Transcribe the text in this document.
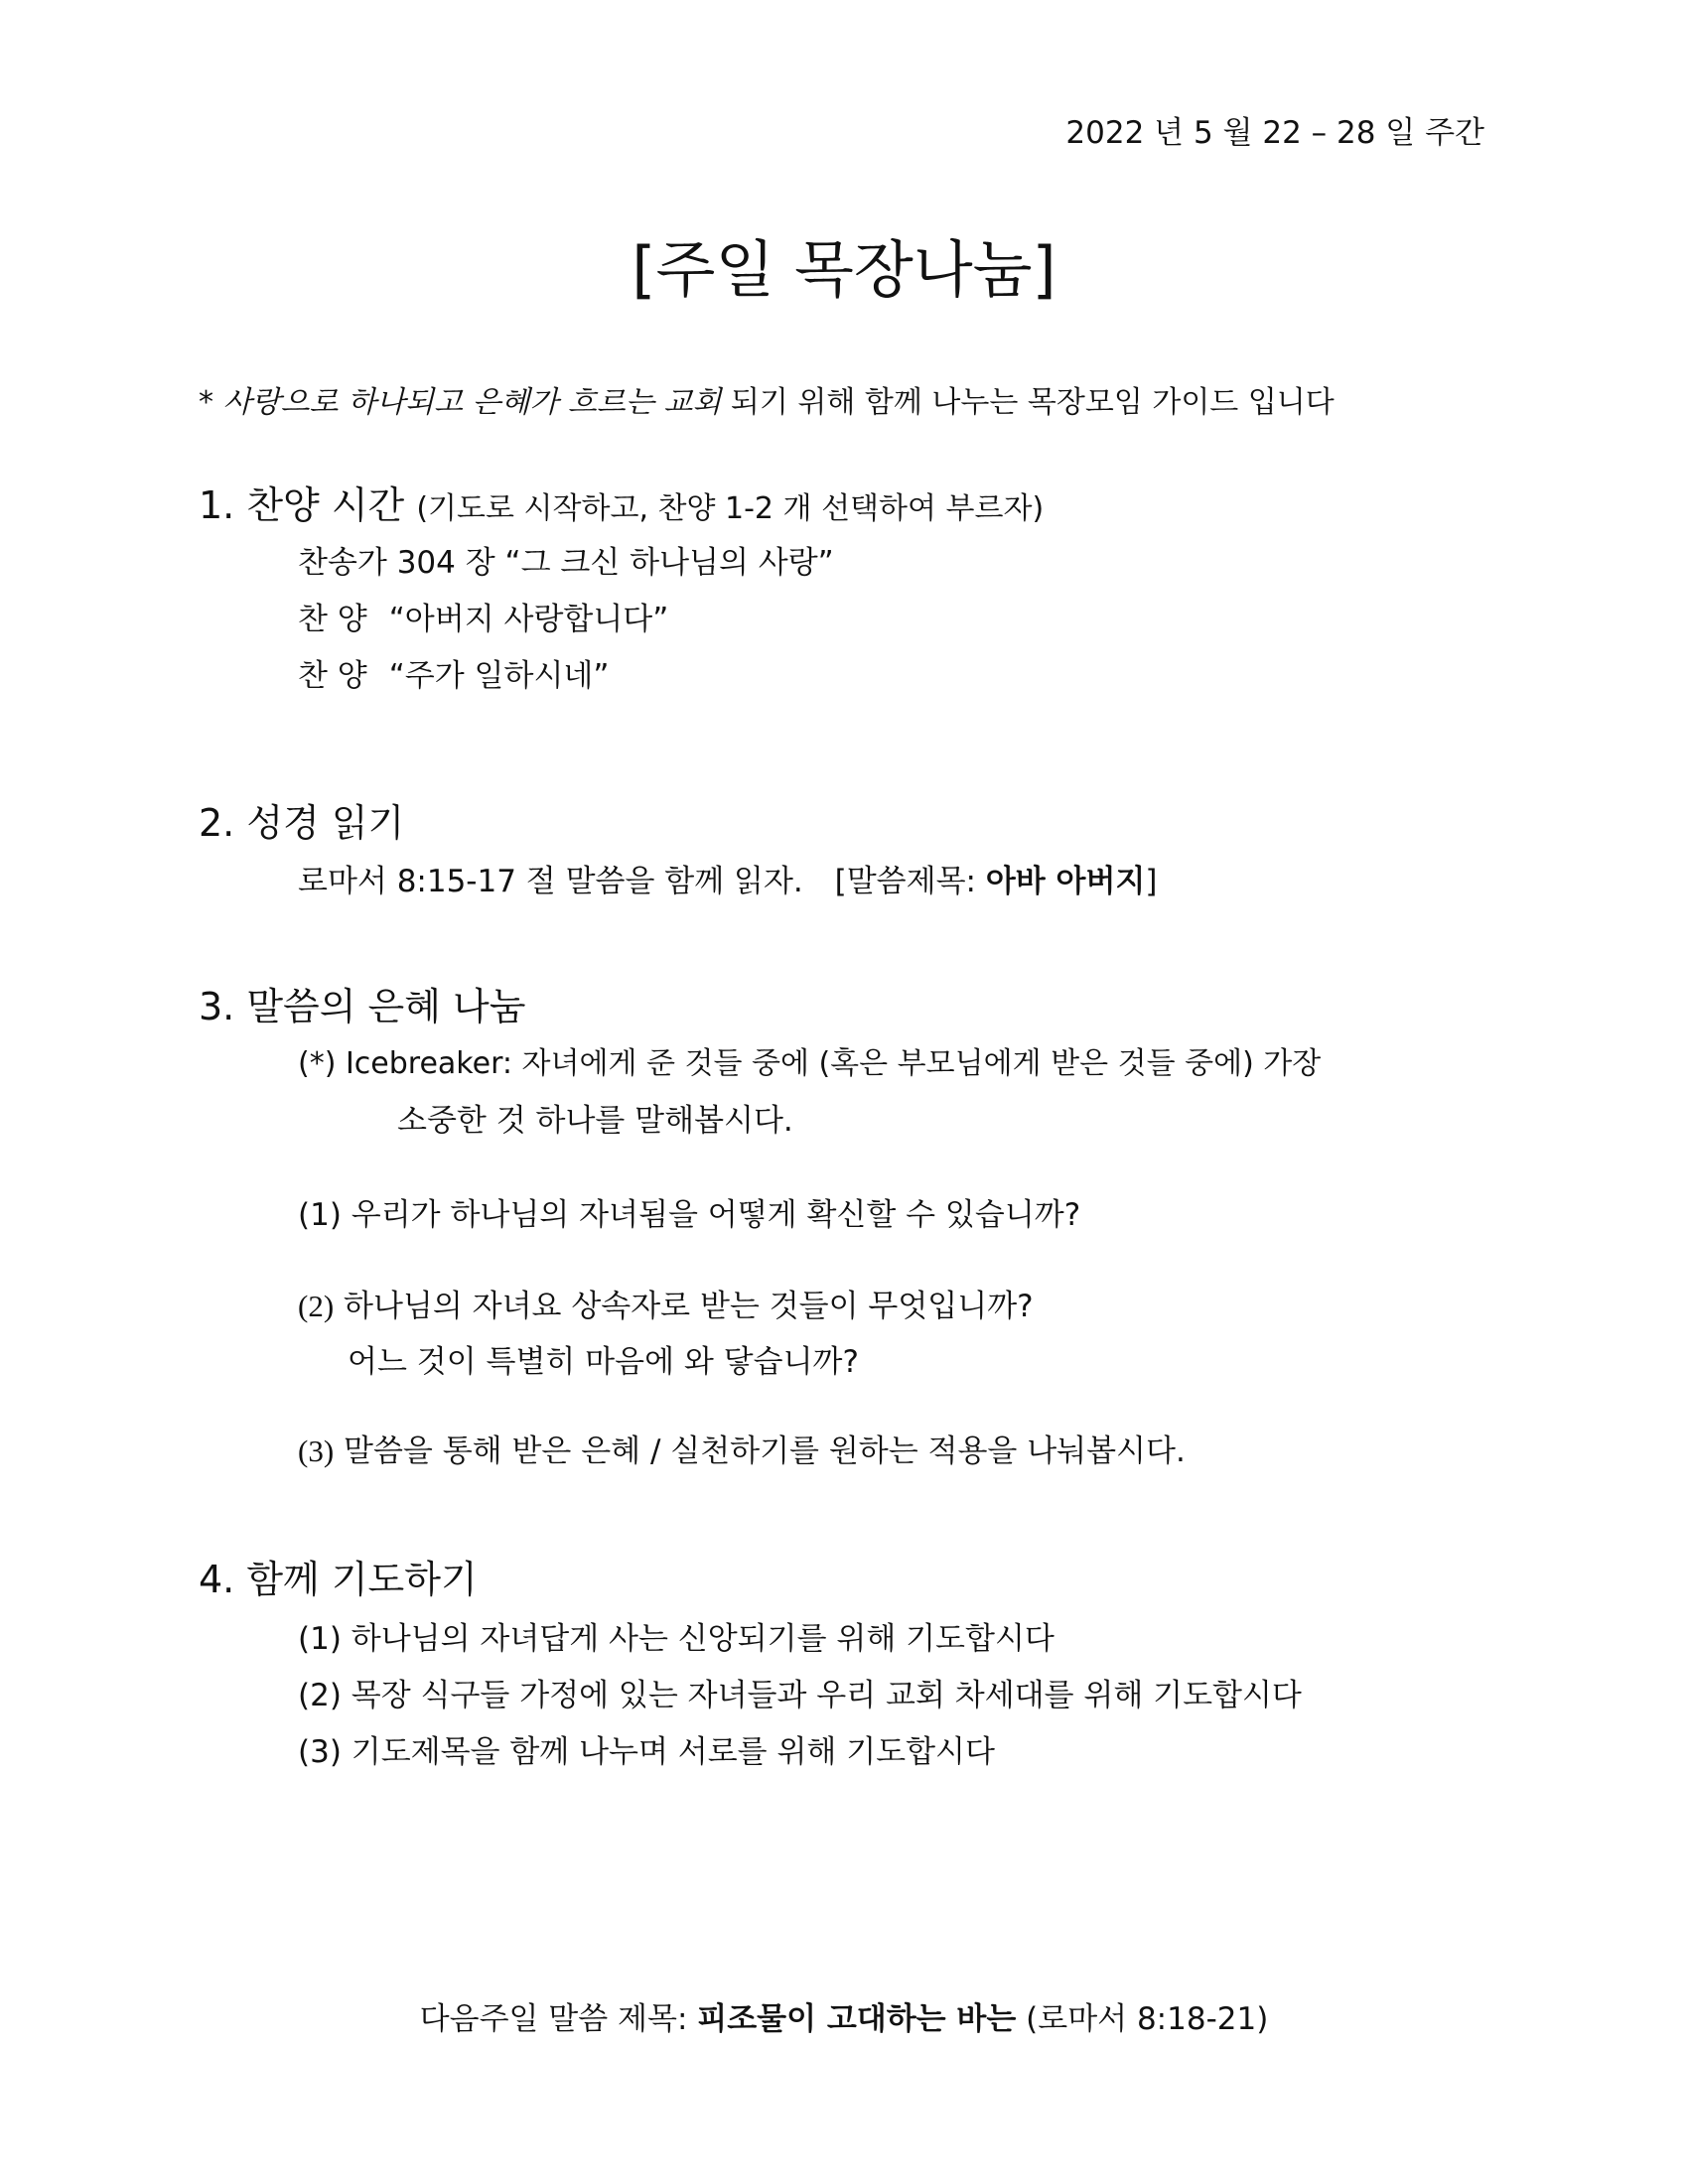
2022 년 5 월 22 – 28 일 주간
[주일 목장나눔]
* 사랑으로 하나되고 은혜가 흐르는 교회 되기 위해 함께 나누는 목장모임 가이드 입니다
1. 찬양 시간 (기도로 시작하고, 찬양 1-2 개 선택하여 부르자)
찬송가 304 장 “그 크신 하나님의 사랑”
찬 양 “아버지 사랑합니다”
찬 양 “주가 일하시네”
2. 성경 읽기
로마서 8:15-17 절 말씀을 함께 읽자. [말씀제목: 아바 아버지]
3. 말씀의 은혜 나눔
(*) Icebreaker: 자녀에게 준 것들 중에 (혹은 부모님에게 받은 것들 중에) 가장
소중한 것 하나를 말해봅시다.
(1) 우리가 하나님의 자녀됨을 어떻게 확신할 수 있습니까?
(2) 하나님의 자녀요 상속자로 받는 것들이 무엇입니까?
어느 것이 특별히 마음에 와 닿습니까?
(3) 말씀을 통해 받은 은혜 / 실천하기를 원하는 적용을 나눠봅시다.
4. 함께 기도하기
(1) 하나님의 자녀답게 사는 신앙되기를 위해 기도합시다
(2) 목장 식구들 가정에 있는 자녀들과 우리 교회 차세대를 위해 기도합시다
(3) 기도제목을 함께 나누며 서로를 위해 기도합시다
다음주일 말씀 제목: 피조물이 고대하는 바는 (로마서 8:18-21)
